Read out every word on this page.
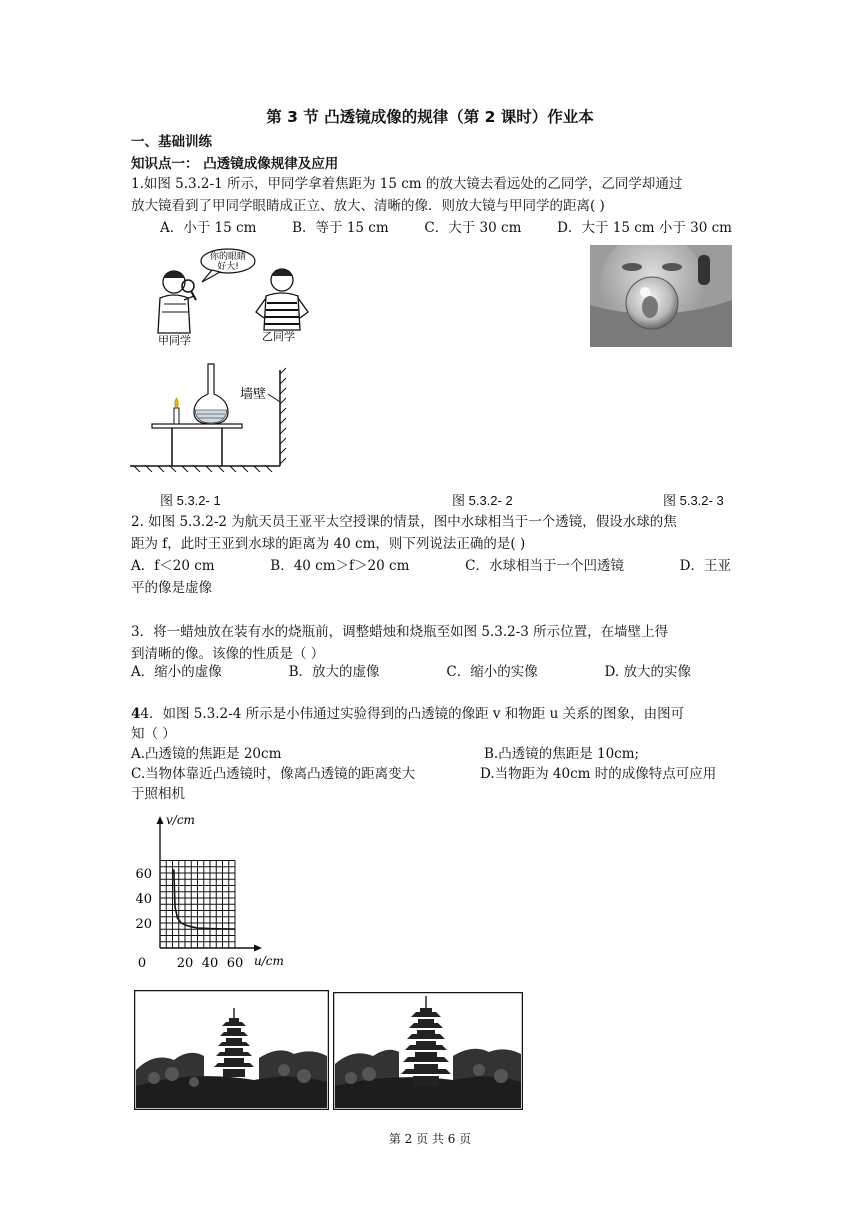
第 3 节 凸透镜成像的规律（第 2 课时）作业本
一、基础训练
知识点一： 凸透镜成像规律及应用
1.如图 5.3.2-1 所示，甲同学拿着焦距为 15 cm 的放大镜去看远处的乙同学，乙同学却通过
放大镜看到了甲同学眼睛成正立、放大、清晰的像．则放大镜与甲同学的距离( )
A．小于 15 cm	B．等于 15 cm	C．大于 30 cm	D．大于 15 cm 小于 30 cm
你的眼睛
好大!
甲同学	乙同学
墙壁
图 5.3.2- 1	图 5.3.2- 2	图 5.3.2- 3
2. 如图 5.3.2-2 为航天员王亚平太空授课的情景，图中水球相当于一个透镜，假设水球的焦
距为 f，此时王亚到水球的距离为 40 cm，则下列说法正确的是( )
A．f＜20 cm	B．40 cm＞f＞20 cm	C．水球相当于一个凹透镜	D．王亚
平的像是虚像
3．将一蜡烛放在装有水的烧瓶前，调整蜡烛和烧瓶至如图 5.3.2-3 所示位置，在墙壁上得
到清晰的像。该像的性质是（ ）
A．缩小的虚像	B．放大的虚像	C．缩小的实像	D. 放大的实像
44．如图 5.3.2-4 所示是小伟通过实验得到的凸透镜的像距 v 和物距 u 关系的图象，由图可
知（ ）
A.凸透镜的焦距是 20cm	B.凸透镜的焦距是 10cm;
C.当物体靠近凸透镜时，像离凸透镜的距离变大	D.当物距为 40cm 时的成像特点可应用
于照相机
v/cm
u/cm
0 20 40 60
20
40
60
第 2 页 共 6 页
